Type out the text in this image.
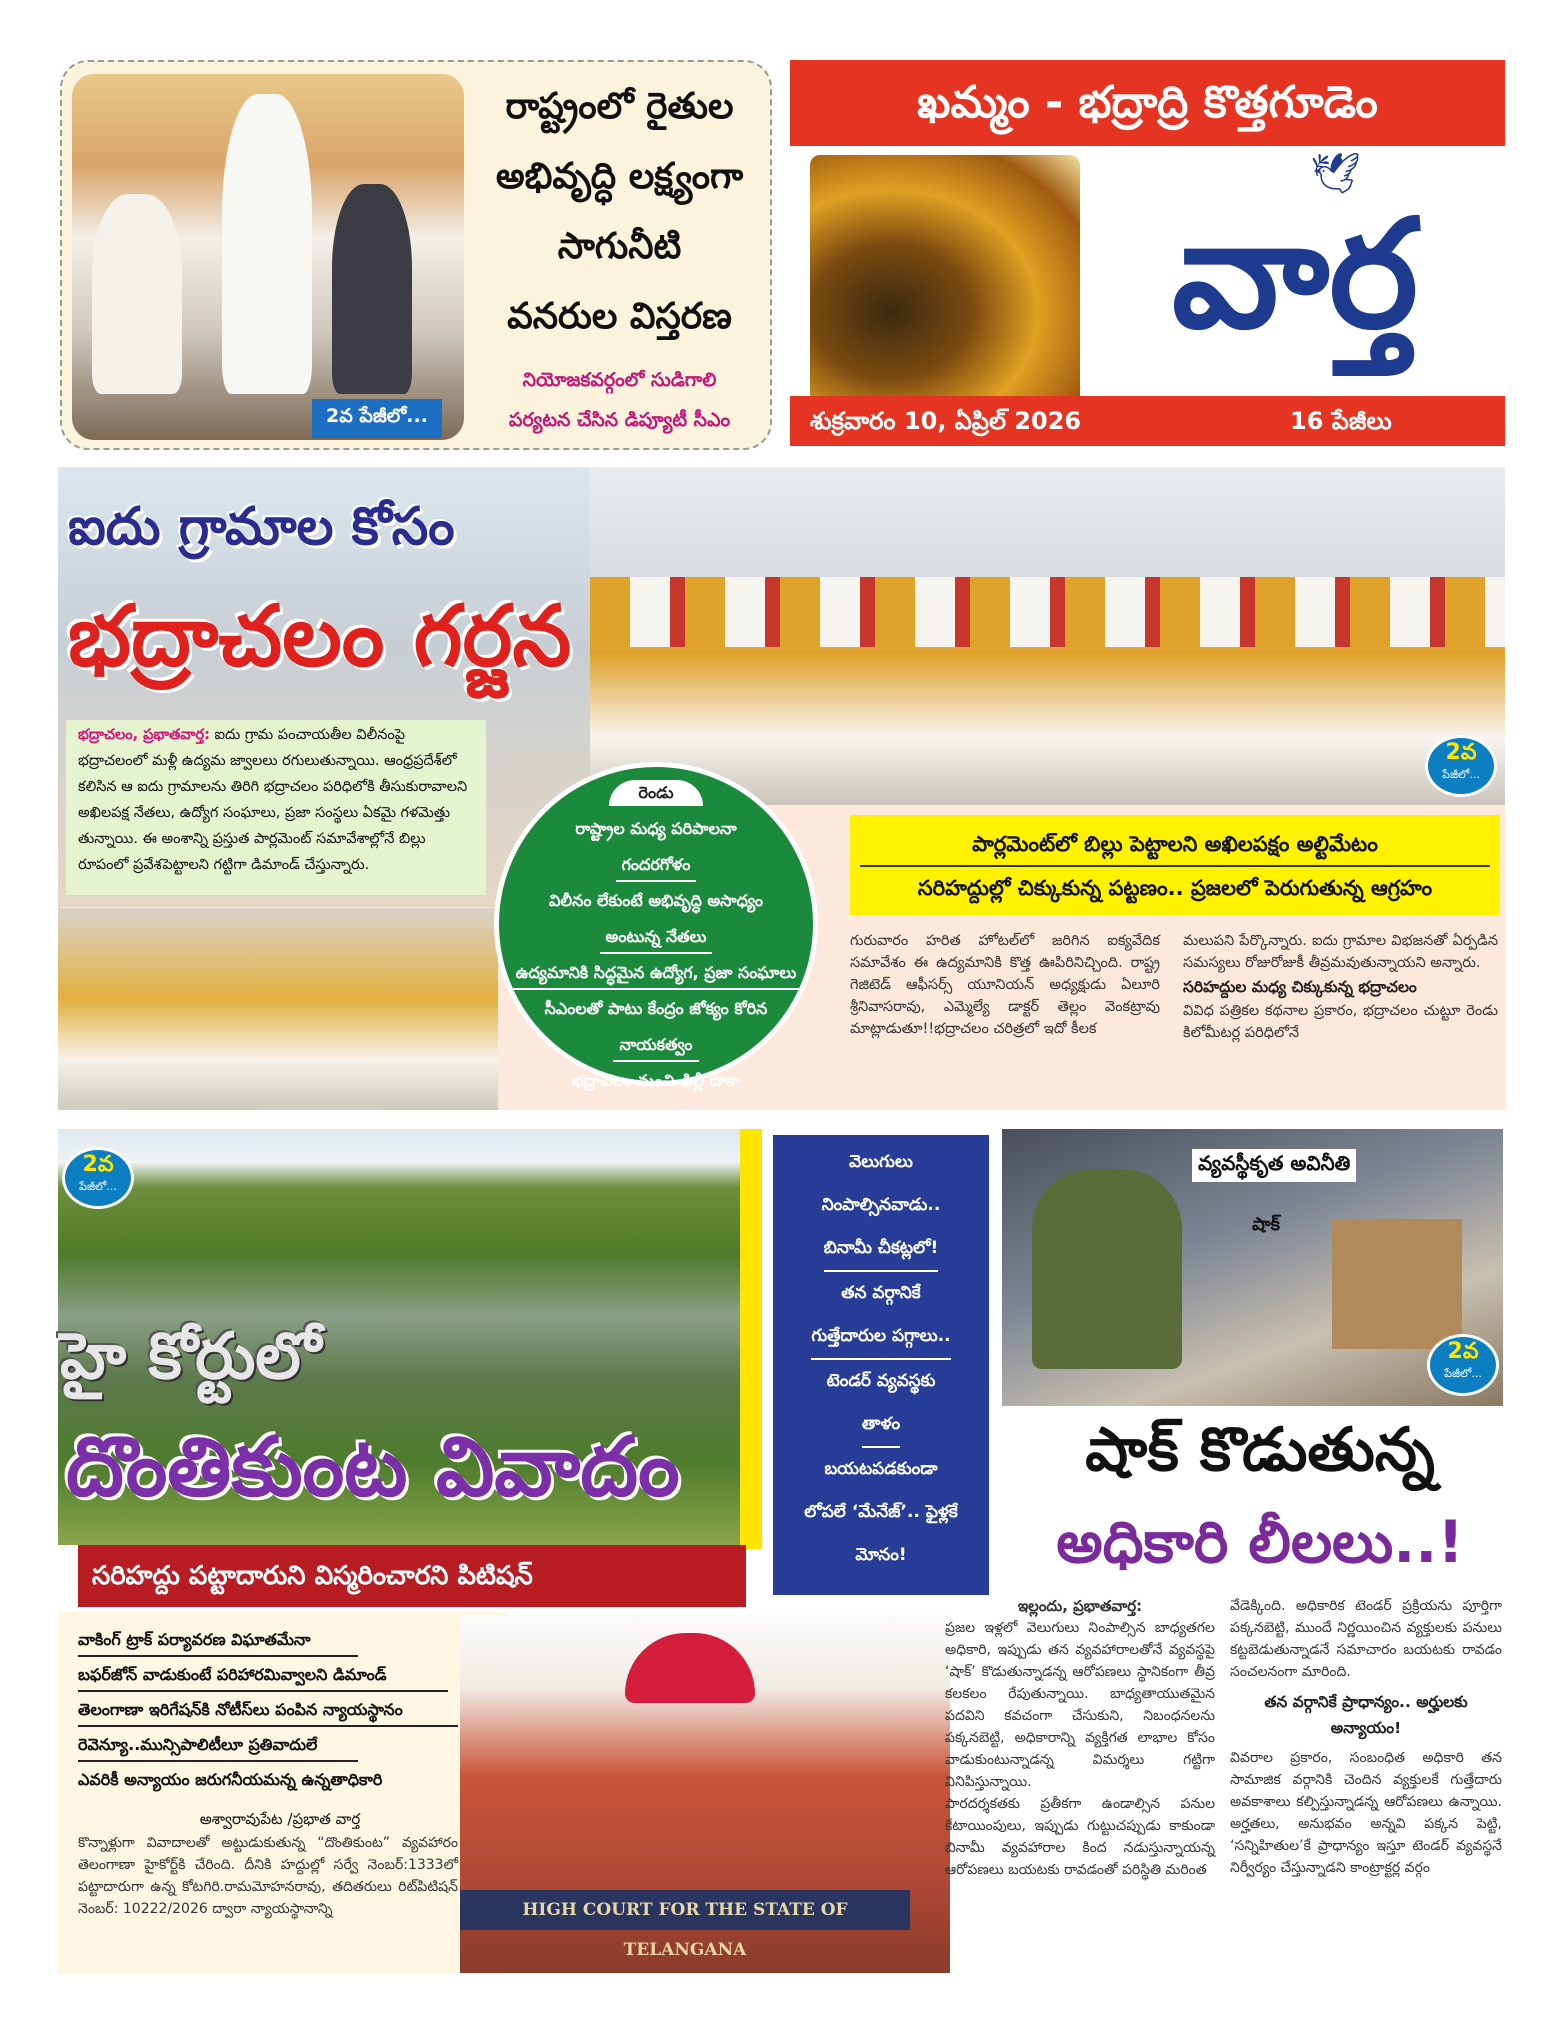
2వ పేజీలో...
రాష్ట్రంలో రైతుల
అభివృద్ధి లక్ష్యంగా
సాగునీటి
వనరుల విస్తరణ
నియోజకవర్గంలో సుడిగాలి
పర్యటన చేసిన డిప్యూటీ సీఎం
ఖమ్మం - భద్రాద్రి కొత్తగూడెం
🕊
వార్త
శుక్రవారం 10, ఏప్రిల్ 2026	16 పేజీలు
ఐదు గ్రామాల కోసం
భద్రాచలం గర్జన
భద్రాచలం, ప్రభాతవార్త: ఐదు గ్రామ పంచాయతీల విలీనంపై భద్రాచలంలో మళ్లీ ఉద్యమ జ్వాలలు రగులుతున్నాయి. ఆంధ్రప్రదేశ్‌లో కలిసిన ఆ ఐదు గ్రామాలను తిరిగి భద్రాచలం పరిధిలోకి తీసుకురావాలని అఖిలపక్ష నేతలు, ఉద్యోగ సంఘాలు, ప్రజా సంస్థలు ఏకమై గళమెత్తు తున్నాయి. ఈ అంశాన్ని ప్రస్తుత పార్లమెంట్ సమావేశాల్లోనే బిల్లు రూపంలో ప్రవేశపెట్టాలని గట్టిగా డిమాండ్ చేస్తున్నారు.
2వ
పేజీలో...
రెండు
రాష్ట్రాల మధ్య పరిపాలనా
గందరగోళం
విలీనం లేకుంటే అభివృద్ధి అసాధ్యం
అంటున్న నేతలు
ఉద్యమానికి సిద్ధమైన ఉద్యోగ, ప్రజా సంఘాలు
సీఎంలతో పాటు కేంద్రం జోక్యం కోరిన
నాయకత్వం
భద్రాచలం నుంచి ఢిల్లీ దాకా
పోరాటానికి
పార్లమెంట్‌లో బిల్లు పెట్టాలని అఖిలపక్షం అల్టిమేటం
సరిహద్దుల్లో చిక్కుకున్న పట్టణం.. ప్రజలలో పెరుగుతున్న ఆగ్రహం
గురువారం హరిత హోటల్‌లో జరిగిన ఐక్యవేదిక సమావేశం ఈ ఉద్యమానికి కొత్త ఊపిరినిచ్చింది. రాష్ట్ర గెజిటెడ్ ఆఫీసర్స్ యూనియన్ అధ్యక్షుడు ఏలూరి శ్రీనివాసరావు, ఎమ్మెల్యే డాక్టర్ తెల్లం వెంకట్రావు మాట్లాడుతూ!!భద్రాచలం చరిత్రలో ఇదో కీలక
మలుపని పేర్కొన్నారు. ఐదు గ్రామాల విభజనతో ఏర్పడిన సమస్యలు రోజురోజుకీ తీవ్రమవుతున్నాయని అన్నారు.
సరిహద్దుల మధ్య చిక్కుకున్న భద్రాచలం
వివిధ పత్రికల కథనాల ప్రకారం, భద్రాచలం చుట్టూ రెండు కిలోమీటర్ల పరిధిలోనే
2వ
పేజీలో...
హై కోర్టులో
దొంతికుంట వివాదం
సరిహద్దు పట్టాదారుని విస్మరించారని పిటిషన్
వాకింగ్ ట్రాక్ పర్యావరణ విఘాతమేనా
బఫర్‌జోన్ వాడుకుంటే పరిహారమివ్వాలని డిమాండ్
తెలంగాణా ఇరిగేషన్‌కి నోటీస్‌లు పంపిన న్యాయస్థానం
రెవెన్యూ..మున్సిపాలిటీలూ ప్రతివాదులే
ఎవరికీ అన్యాయం జరుగనీయమన్న ఉన్నతాధికారి
HIGH COURT FOR THE STATE OF TELANGANA
అశ్వారావుపేట /ప్రభాత వార్త
కొన్నాళ్లుగా వివాదాలతో అట్టుడుకుతున్న “దొంతికుంట” వ్యవహారం తెలంగాణా హైకోర్ట్‌కి చేరింది. దీనికి హద్దుల్లో సర్వే నెంబర్:1333లో పట్టాదారుగా ఉన్న కోటగిరి.రామమోహనరావు, తదితరులు రిట్‌పిటిషన్ నెంబర్: 10222/2026 ద్వారా న్యాయస్థానాన్ని
వెలుగులు
నింపాల్సినవాడు..
బినామీ చీకట్లలో!
తన వర్గానికే
గుత్తేదారుల పగ్గాలు..
టెండర్ వ్యవస్థకు
తాళం
బయటపడకుండా
లోపలే ‘మేనేజ్’.. ఫైళ్లకే
మోనం!
వ్యవస్థీకృత అవినీతి
షాక్
2వ
పేజీలో...
షాక్ కొడుతున్న
అధికారి లీలలు..!
ఇల్లందు, ప్రభాతవార్త:
ప్రజల ఇళ్లలో వెలుగులు నింపాల్సిన బాధ్యతగల అధికారి, ఇప్పుడు తన వ్యవహారాలతోనే వ్యవస్థపై ‘షాక్’ కొడుతున్నాడన్న ఆరోపణలు స్థానికంగా తీవ్ర కలకలం రేపుతున్నాయి. బాధ్యతాయుతమైన పదవిని కవచంగా చేసుకుని, నిబంధనలను పక్కనబెట్టి, అధికారాన్ని వ్యక్తిగత లాభాల కోసం వాడుకుంటున్నాడన్న విమర్శలు గట్టిగా వినిపిస్తున్నాయి.
పారదర్శకతకు ప్రతీకగా ఉండాల్సిన పనుల కేటాయింపులు, ఇప్పుడు గుట్టుచప్పుడు కాకుండా బినామీ వ్యవహారాల కింద నడుస్తున్నాయన్న ఆరోపణలు బయటకు రావడంతో పరిస్థితి మరింత
వేడెక్కింది. అధికారిక టెండర్ ప్రక్రియను పూర్తిగా పక్కనబెట్టి, ముందే నిర్ణయించిన వ్యక్తులకు పనులు కట్టబెడుతున్నాడనే సమాచారం బయటకు రావడం సంచలనంగా మారింది.
తన వర్గానికే ప్రాధాన్యం.. అర్హులకు అన్యాయం!
వివరాల ప్రకారం, సంబంధిత అధికారి తన సామాజిక వర్గానికి చెందిన వ్యక్తులకే గుత్తేదారు అవకాశాలు కల్పిస్తున్నాడన్న ఆరోపణలు ఉన్నాయి. అర్హతలు, అనుభవం అన్నవి పక్కన పెట్టి, ‘సన్నిహితుల’కే ప్రాధాన్యం ఇస్తూ టెండర్ వ్యవస్థనే నిర్వీర్యం చేస్తున్నాడని కాంట్రాక్టర్ల వర్గం
